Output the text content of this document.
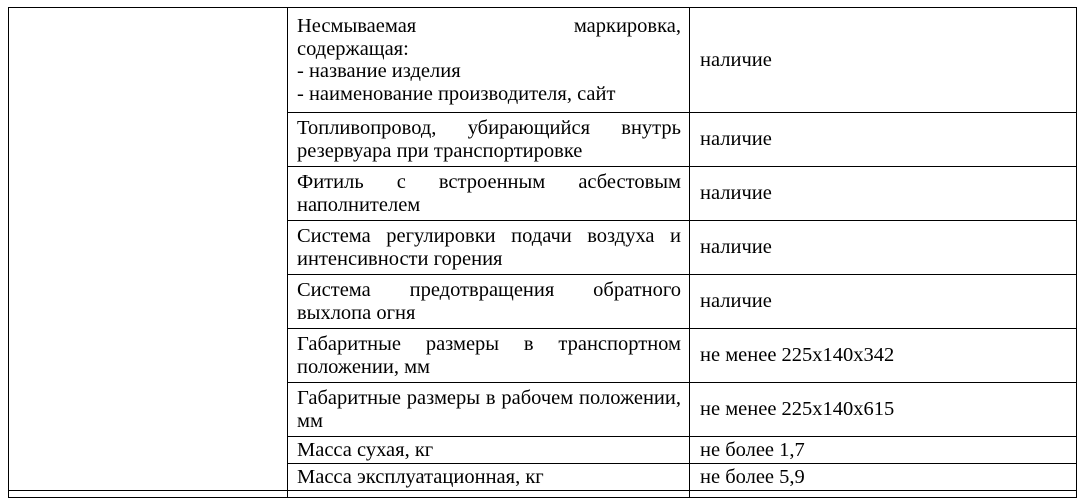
	Несмываемая маркировка,
содержащая:
- название изделия
- наименование производителя, сайт	наличие
	Топливопровод, убирающийся внутрь резервуара при транспортировке	наличие
	Фитиль с встроенным асбестовым наполнителем	наличие
	Система регулировки подачи воздуха и интенсивности горения	наличие
	Система предотвращения обратного выхлопа огня	наличие
	Габаритные размеры в транспортном положении, мм	не менее 225х140х342
	Габаритные размеры в рабочем положении, мм	не менее 225х140х615
	Масса сухая, кг	не более 1,7
	Масса эксплуатационная, кг	не более 5,9
